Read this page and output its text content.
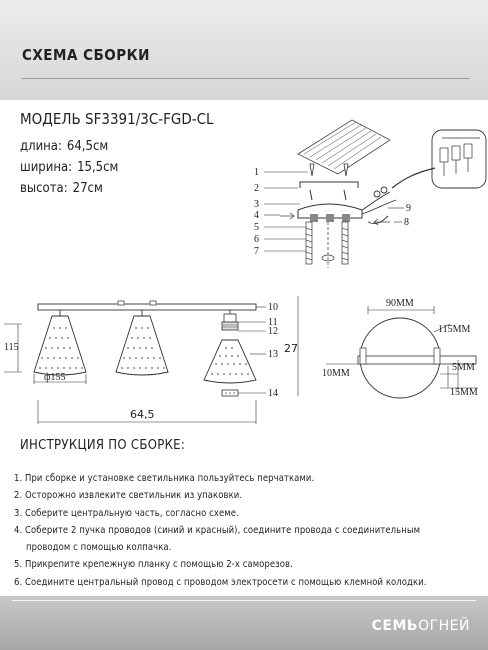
СХЕМА СБОРКИ
МОДЕЛЬ SF3391/3C-FGD-CL
длина: 64,5см
ширина: 15,5см
высота: 27см
1
2
3
4
5
6
7
8
9
10
11
12
13
14
115
ф155
27
64,5
90MM
115MM
10MM
5MM
15MM
ИНСТРУКЦИЯ ПО СБОРКЕ:
1. При сборке и установке светильника пользуйтесь перчатками.
2. Осторожно извлеките светильник из упаковки.
3. Соберите центральную часть, согласно схеме.
4. Соберите 2 пучка проводов (синий и красный), соедините провода с соединительным
проводом с помощью колпачка.
5. Прикрепите крепежную планку с помощью 2-х саморезов.
6. Соедините центральный провод с проводом электросети с помощью клемной колодки.
СЕМЬОГНЕЙ
